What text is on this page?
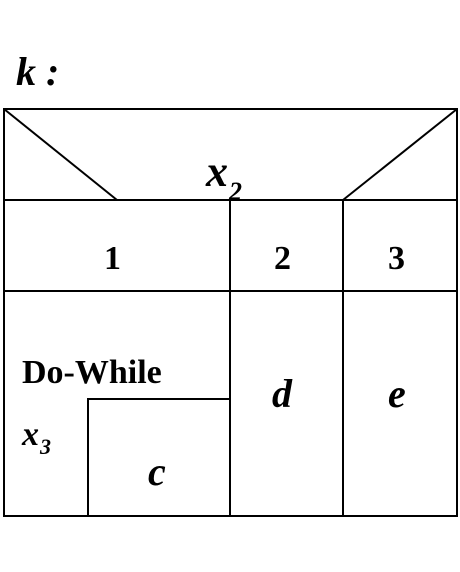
k :
$x_2$
1	2	3
Do-While
$x_3$
c
d e
